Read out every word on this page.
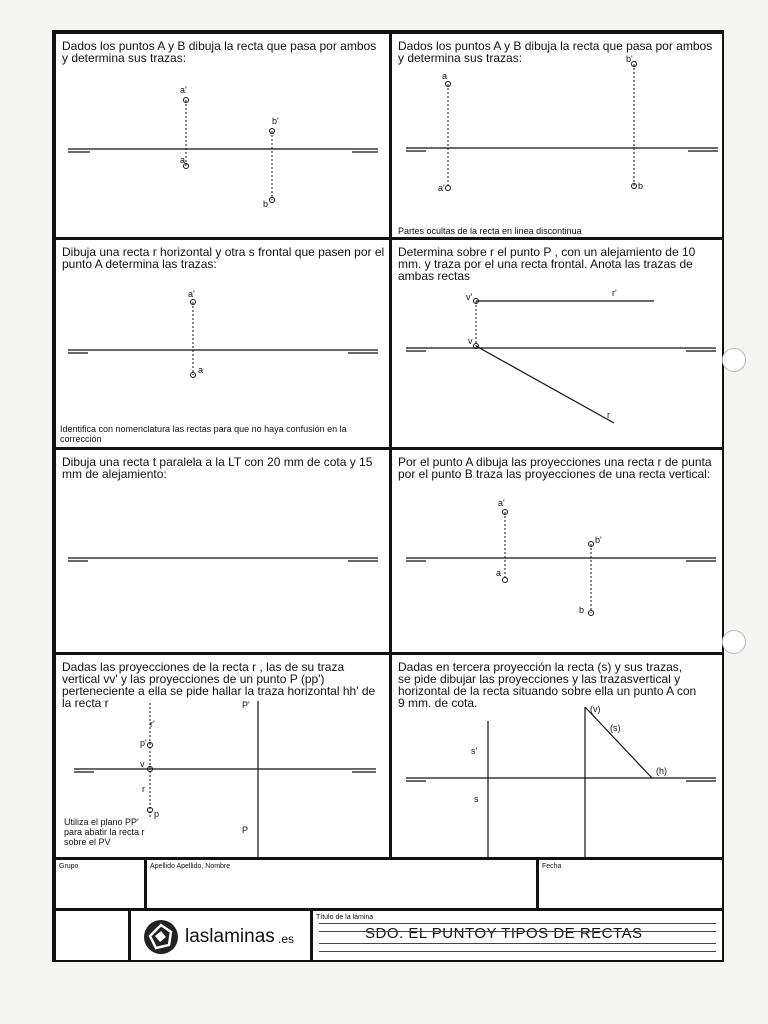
Dados los puntos A y B dibuja la recta que pasa por ambos y determina sus trazas:
a'
a
b'
b
Dados los puntos A y B dibuja la recta que pasa por ambos y determina sus trazas:
a
b'
a'	b
Partes ocultas de la recta en linea discontinua
Dibuja una recta r horizontal y otra s frontal que pasen por el punto A determina las trazas:
a'
a
Identifica con nomenclatura las rectas para que no haya confusión en la corrección
Determina sobre r el punto P , con un alejamiento de 10 mm. y traza por el una recta frontal. Anota las trazas de ambas rectas
v'	r'
v
r
Dibuja una recta t paralela a la LT con 20 mm de cota y 15 mm de alejamiento:
Por el punto A dibuja las proyecciones una recta r de punta por el punto B traza las proyecciones de una recta vertical:
a'
b'
a
b
Dadas las proyecciones de la recta r , las de su traza vertical vv' y las proyecciones de un punto P (pp') perteneciente a ella se pide hallar la traza horizontal hh' de la recta r
r'
p'
v
r
p
P'
P
Utiliza el plano PP' para abatir la recta r sobre el PV
Dadas en tercera proyección la recta (s) y sus trazas, se pide dibujar las proyecciones y las trazasvertical y horizontal de la recta situando sobre ella un punto A con 9 mm. de cota.
s'
s
(v)
(s)
(h)
Grupo	Apellido Apellido, Nombre	Fecha
laslaminas .es
Título de la lámina
SDO. EL PUNTOY TIPOS DE RECTAS
